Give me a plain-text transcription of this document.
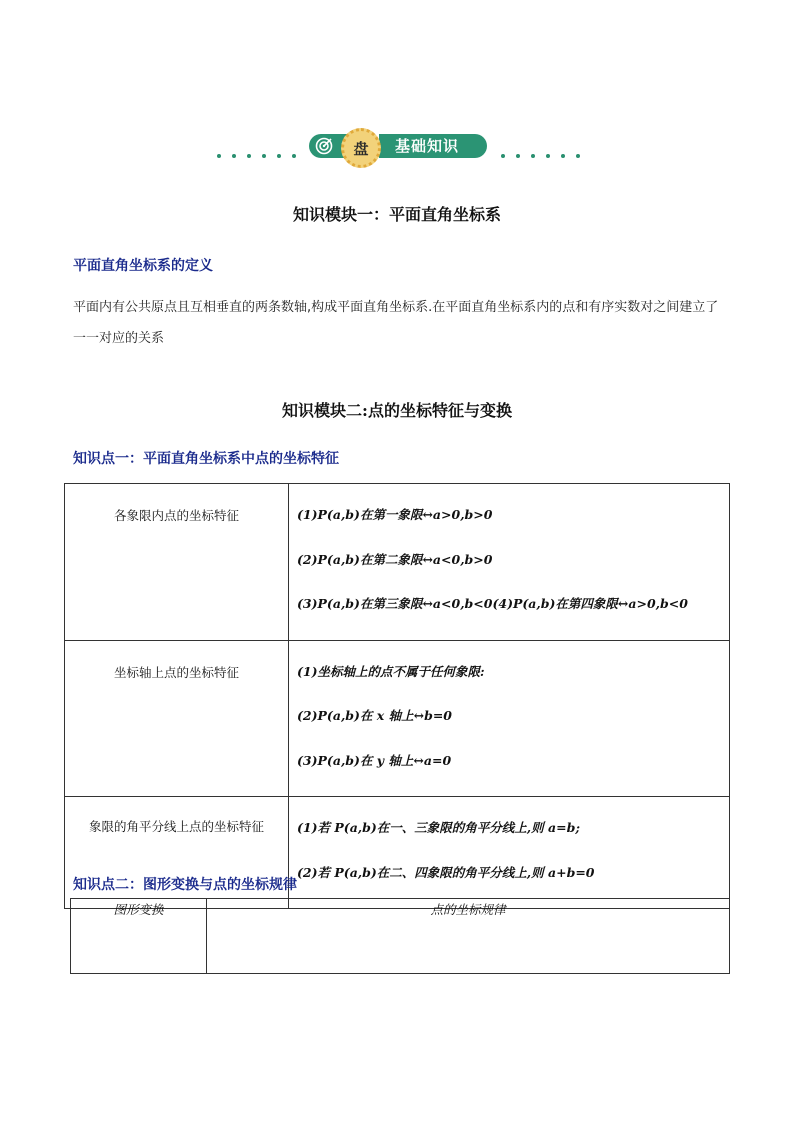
基础知识
盘
知识模块一：平面直角坐标系
平面直角坐标系的定义
平面内有公共原点且互相垂直的两条数轴,构成平面直角坐标系.在平面直角坐标系内的点和有序实数对之间建立了一一对应的关系
知识模块二:点的坐标特征与变换
知识点一：平面直角坐标系中点的坐标特征
各象限内点的坐标特征	(1)P(a,b)在第一象限↔a>0,b>0
(2)P(a,b)在第二象限↔a<0,b>0
(3)P(a,b)在第三象限↔a<0,b<0(4)P(a,b)在第四象限↔a>0,b<0

坐标轴上点的坐标特征	(1)坐标轴上的点不属于任何象限:
(2)P(a,b)在 x 轴上↔b=0
(3)P(a,b)在 y 轴上↔a=0

象限的角平分线上点的坐标特征	(1)若 P(a,b)在一、三象限的角平分线上,则 a=b;
(2)若 P(a,b)在二、四象限的角平分线上,则 a+b=0
知识点二：图形变换与点的坐标规律
图形变换	点的坐标规律
